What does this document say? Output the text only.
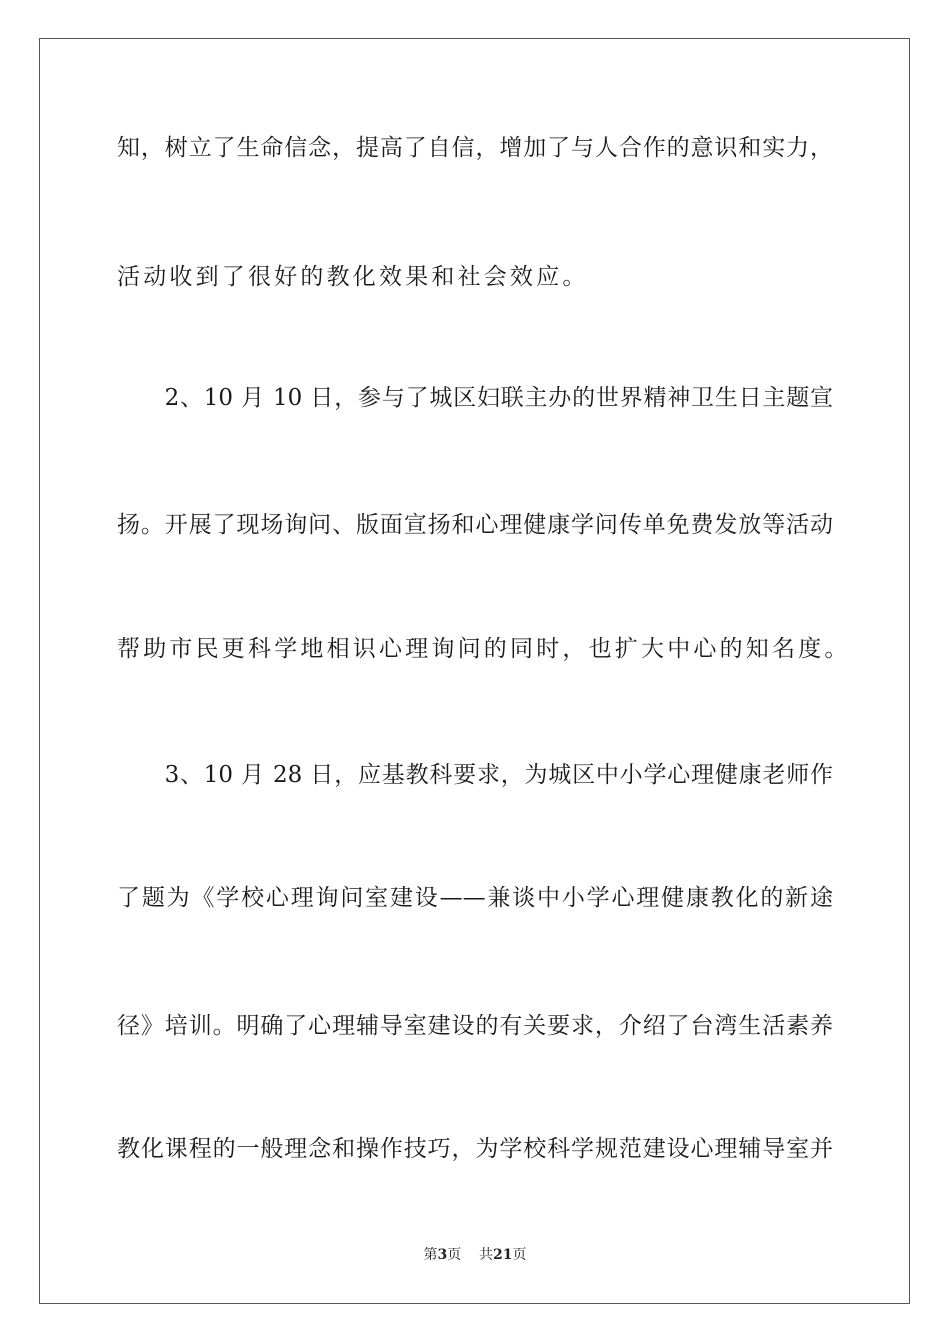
知，树立了生命信念，提高了自信，增加了与人合作的意识和实力，
活动收到了很好的教化效果和社会效应。
　　2、10 月 10 日，参与了城区妇联主办的世界精神卫生日主题宣
扬。开展了现场询问、版面宣扬和心理健康学问传单免费发放等活动
帮助市民更科学地相识心理询问的同时，也扩大中心的知名度。
　　3、10 月 28 日，应基教科要求，为城区中小学心理健康老师作
了题为《学校心理询问室建设——兼谈中小学心理健康教化的新途
径》培训。明确了心理辅导室建设的有关要求，介绍了台湾生活素养
教化课程的一般理念和操作技巧，为学校科学规范建设心理辅导室并
第3页 共21页
